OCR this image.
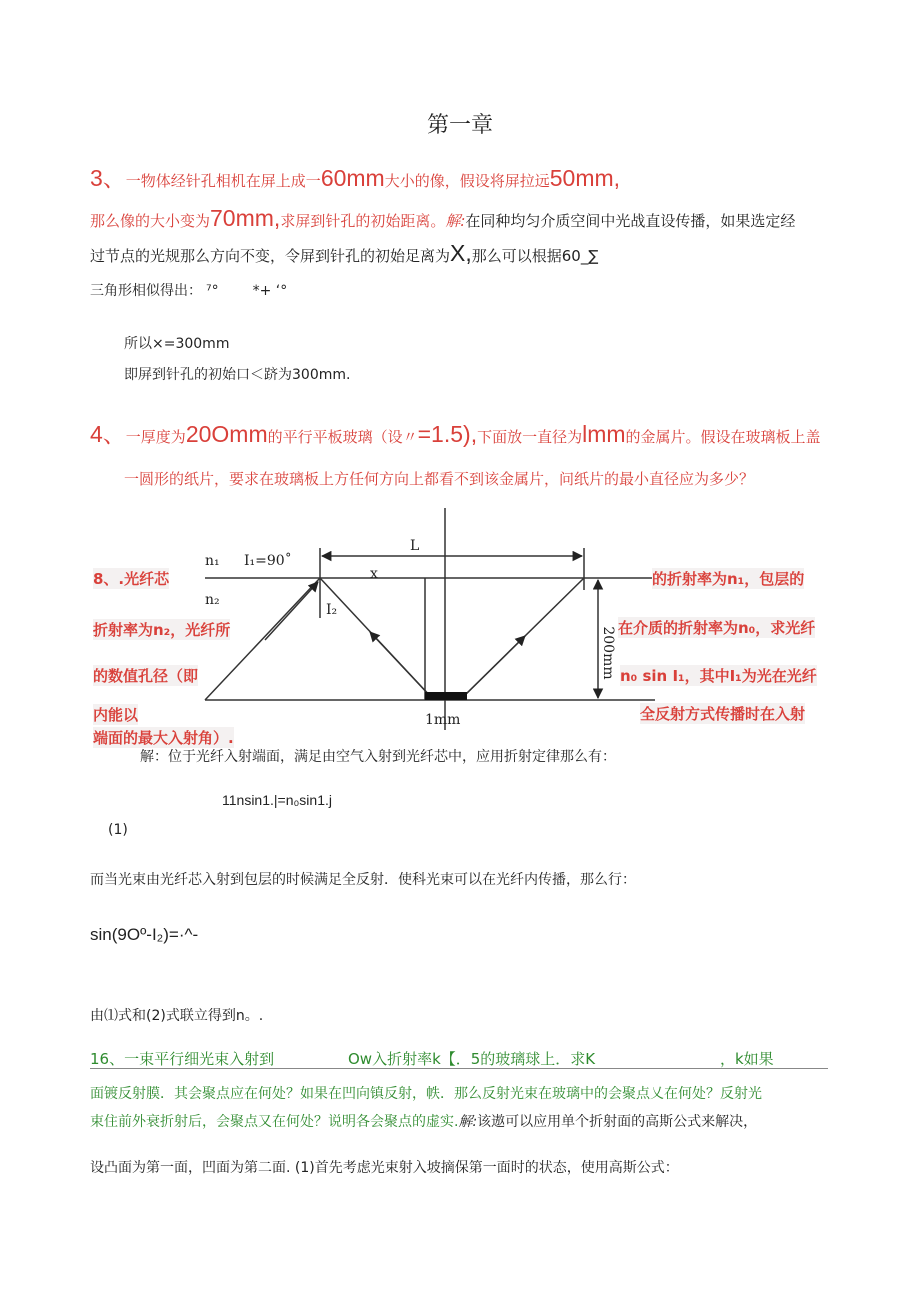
第一章
3、一物体经针孔相机在屏上成一60mm大小的像，假设将屏拉远50mm,
那么像的大小变为70mm,求屏到针孔的初始距离。解:在同种均匀介质空间中光战直设传播，如果选定经
过节点的光规那么方向不变，令屏到针孔的初始足离为X,那么可以根据60_∑
三角形相似得出： ⁷° *+ ‘°
所以×=300mm
即屏到针孔的初始口＜跻为300mm.
4、一厚度为20Omm的平行平板玻璃（设〃=1.5),下面放一直径为lmm的金属片。假设在玻璃板上盖
一圆形的纸片，要求在玻璃板上方任何方向上都看不到该金属片，问纸片的最小直径应为多少？
n₁
n₂
I₁=90˚
I₂
L
x
1mm
200mm
8、.光纤芯
折射率为n₂，光纤所
的数值孔径（即
内能以
端面的最大入射角）.
的折射率为n₁，包层的
在介质的折射率为n₀，求光纤
n₀ sin I₁，其中I₁为光在光纤
全反射方式传播时在入射
解：位于光纤入射端面，满足由空气入射到光纤芯中，应用折射定律那么有：
11nsin1.|=n₀sin1.j
(1)
而当光束由光纤芯入射到包层的时候满足全反射．使科光束可以在光纤内传播，那么行：
sin(9Oº-I₂)=·^-
由⑴式和(2)式联立得到n。.
16、一束平行细光束入射到	Ow入折射率k【．5的玻璃球上．求K	，k如果
面镀反射膜．其会聚点应在何处？如果在凹向镇反射，帙．那么反射光束在玻璃中的会聚点乂在何处？反射光
束住前外衰折射后，会聚点又在何处？说明各会聚点的虚实.解:该遨可以应用单个折射面的高斯公式来解决，
设凸面为第一面，凹面为第二面. (1)首先考虑光束射入坡摘保第一面时的状态，使用高斯公式：
